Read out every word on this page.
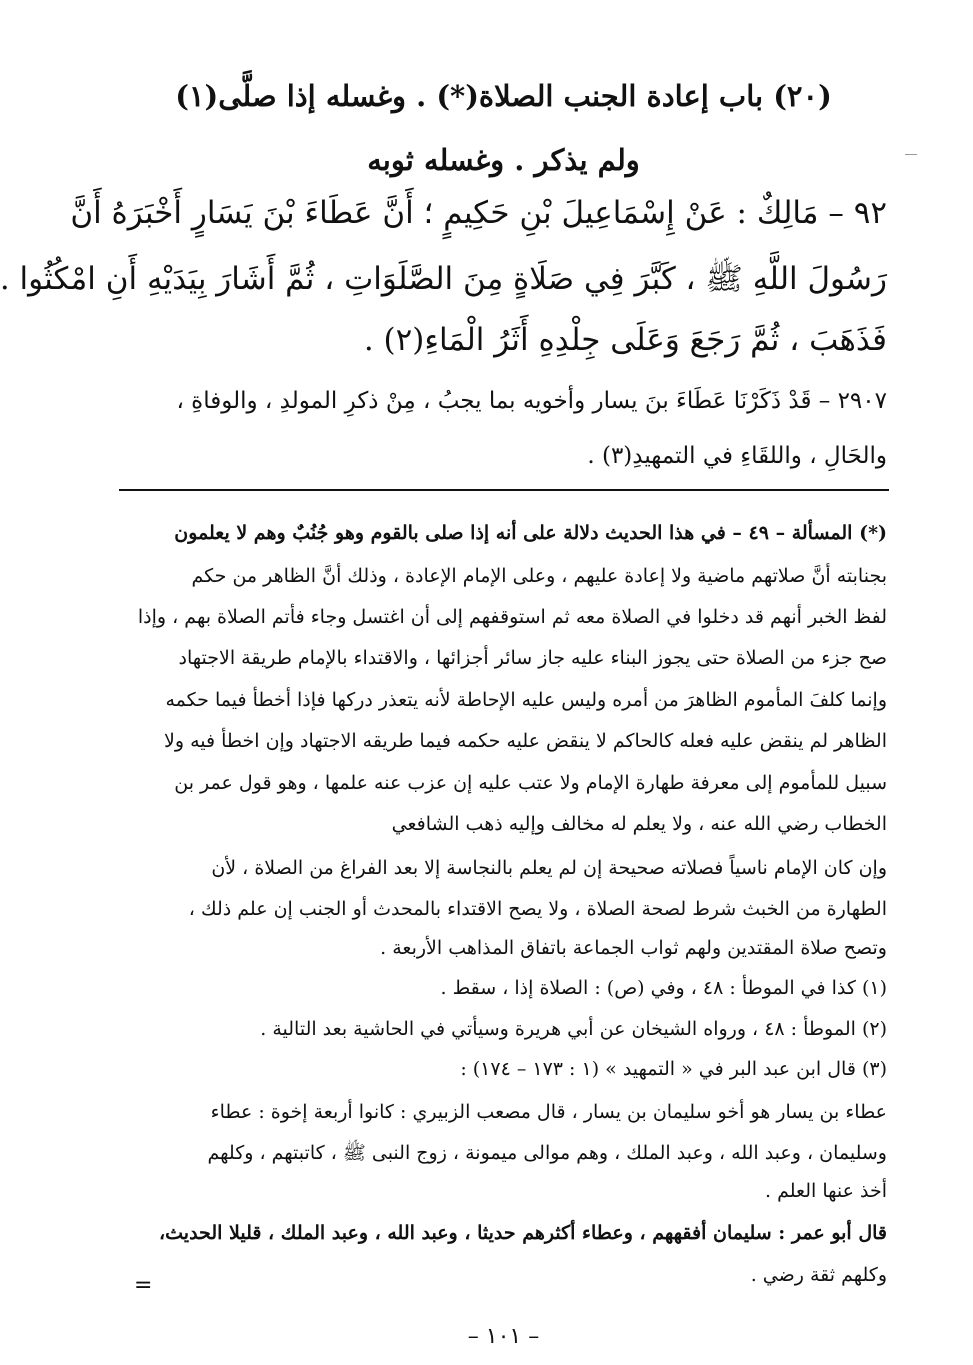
(٢٠) باب إعادة الجنب الصلاة(*) . وغسله إذا صلَّى(١)

ولم يذكر . وغسله ثوبه

٩٢ – مَالِكٌ : عَنْ إِسْمَاعِيلَ بْنِ حَكِيمٍ ؛ أَنَّ عَطَاءَ بْنَ يَسَارٍ أَخْبَرَهُ أَنَّ

رَسُولَ اللَّهِ ﷺ ، كَبَّرَ فِي صَلَاةٍ مِنَ الصَّلَوَاتِ ، ثُمَّ أَشَارَ بِيَدَيْهِ أَنِ امْكُثُوا .

فَذَهَبَ ، ثُمَّ رَجَعَ وَعَلَى جِلْدِهِ أَثَرُ الْمَاءِ(٢) .

٢٩٠٧ – قَدْ ذَكَرْنَا عَطَاءَ بنَ يسار وأخويه بما يجبُ ، مِنْ ذكرِ المولدِ ، والوفاةِ ،

والحَالِ ، واللقَاءِ في التمهيدِ(٣) .

(*) المسألة – ٤٩ – في هذا الحديث دلالة على أنه إذا صلى بالقوم وهو جُنُبٌ وهم لا يعلمون

بجنابته أنَّ صلاتهم ماضية ولا إعادة عليهم ، وعلى الإمام الإعادة ، وذلك أنَّ الظاهر من حكم

لفظ الخبر أنهم قد دخلوا في الصلاة معه ثم استوقفهم إلى أن اغتسل وجاء فأتم الصلاة بهم ، وإذا

صح جزء من الصلاة حتى يجوز البناء عليه جاز سائر أجزائها ، والاقتداء بالإمام طريقة الاجتهاد

وإنما كلفَ المأموم الظاهرَ من أمره وليس عليه الإحاطة لأنه يتعذر دركها فإذا أخطأ فيما حكمه

الظاهر لم ينقض عليه فعله كالحاكم لا ينقض عليه حكمه فيما طريقه الاجتهاد وإن اخطأ فيه ولا

سبيل للمأموم إلى معرفة طهارة الإمام ولا عتب عليه إن عزب عنه علمها ، وهو قول عمر بن

الخطاب رضي الله عنه ، ولا يعلم له مخالف وإليه ذهب الشافعي

وإن كان الإمام ناسياً فصلاته صحيحة إن لم يعلم بالنجاسة إلا بعد الفراغ من الصلاة ، لأن

الطهارة من الخبث شرط لصحة الصلاة ، ولا يصح الاقتداء بالمحدث أو الجنب إن علم ذلك ،

وتصح صلاة المقتدين ولهم ثواب الجماعة باتفاق المذاهب الأربعة .

(١) كذا في الموطأ : ٤٨ ، وفي (ص) : الصلاة إذا ، سقط .

(٢) الموطأ : ٤٨ ، ورواه الشيخان عن أبي هريرة وسيأتي في الحاشية بعد التالية .

(٣) قال ابن عبد البر في « التمهيد » (١ : ١٧٣ – ١٧٤) :

عطاء بن يسار هو أخو سليمان بن يسار ، قال مصعب الزبيري : كانوا أربعة إخوة : عطاء

وسليمان ، وعبد الله ، وعبد الملك ، وهم موالى ميمونة ، زوج النبى ﷺ ، كاتبتهم ، وكلهم

أخذ عنها العلم .

قال أبو عمر : سليمان أفقههم ، وعطاء أكثرهم حديثا ، وعبد الله ، وعبد الملك ، قليلا الحديث،

وكلهم ثقة رضي .

=
– ١٠١ –
